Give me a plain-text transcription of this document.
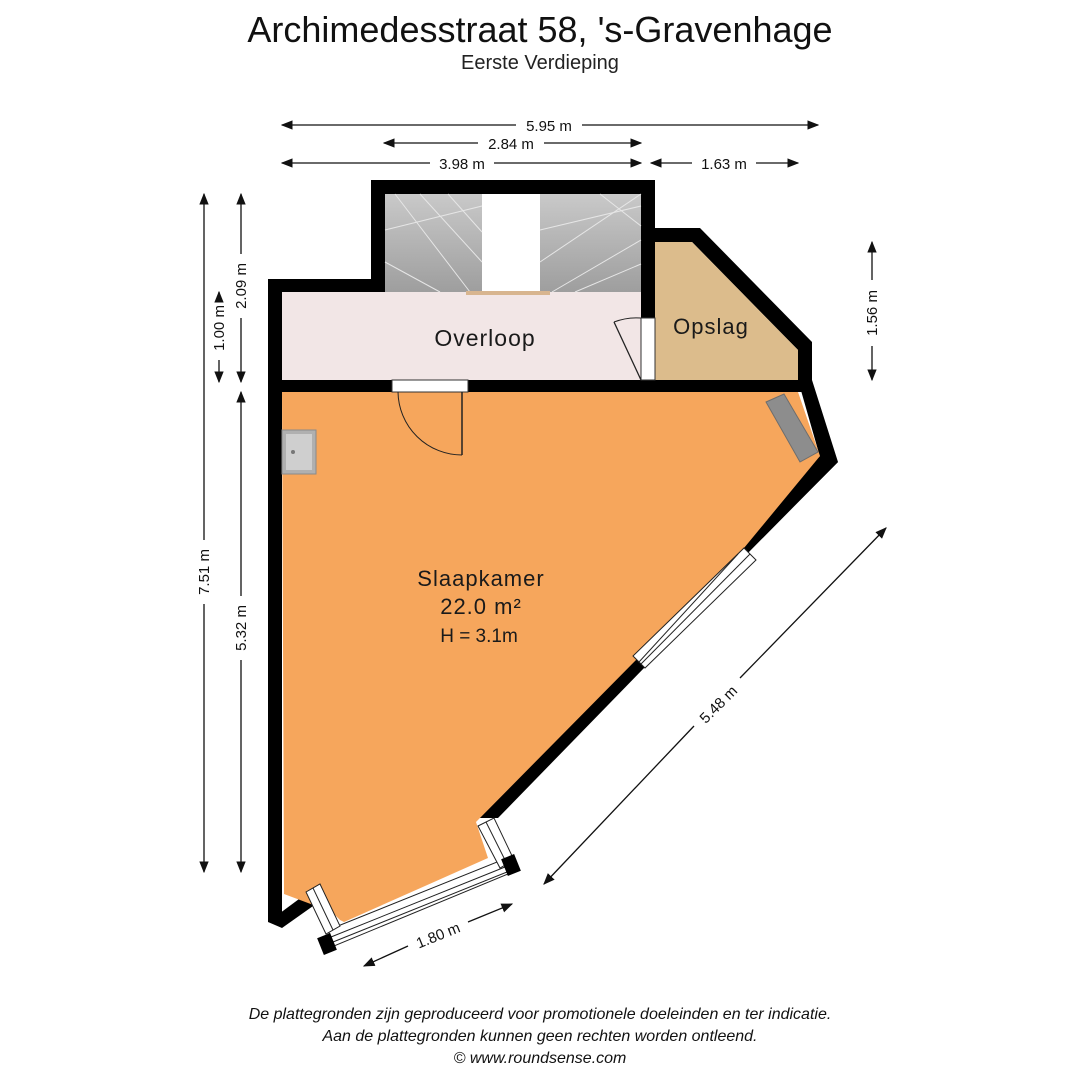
Archimedesstraat 58, 's-Gravenhage
Eerste Verdieping
Overloop	Opslag
Slaapkamer
22.0 m²
H = 3.1m
5.95 m
2.84 m
3.98 m	1.63 m
7.51 m
2.09 m
1.00 m
5.32 m
1.56 m
5.48 m
1.80 m
De plattegronden zijn geproduceerd voor promotionele doeleinden en ter indicatie.
Aan de plattegronden kunnen geen rechten worden ontleend.
© www.roundsense.com
